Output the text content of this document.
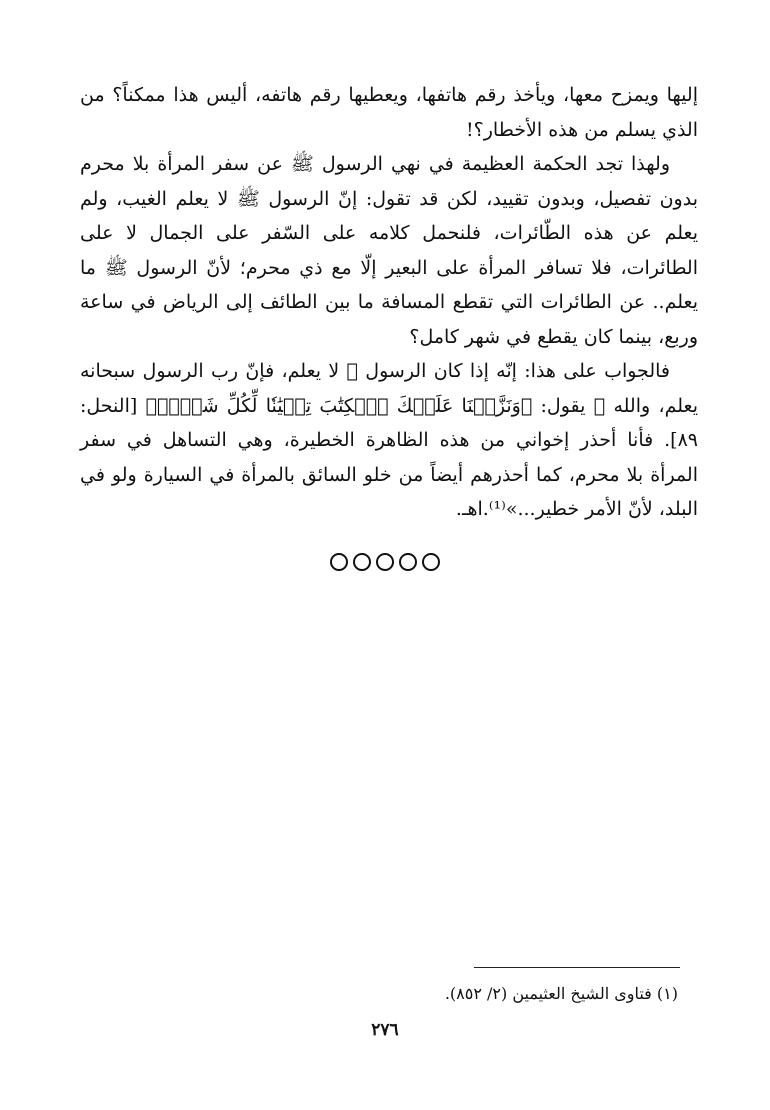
إليها ويمزح معها، ويأخذ رقم هاتفها، ويعطيها رقم هاتفه، أليس هذا ممكناً؟ من الذي يسلم من هذه الأخطار؟!

ولهذا تجد الحكمة العظيمة في نهي الرسول ﷺ عن سفر المرأة بلا محرم بدون تفصيل، وبدون تقييد، لكن قد تقول: إنّ الرسول ﷺ لا يعلم الغيب، ولم يعلم عن هذه الطّائرات، فلنحمل كلامه على السّفر على الجمال لا على الطائرات، فلا تسافر المرأة على البعير إلّا مع ذي محرم؛ لأنّ الرسول ﷺ ما يعلم.. عن الطائرات التي تقطع المسافة ما بين الطائف إلى الرياض في ساعة وربع، بينما كان يقطع في شهر كامل؟

فالجواب على هذا: إنّه إذا كان الرسول ﷺ لا يعلم، فإنّ رب الرسول سبحانه يعلم، والله ﷻ يقول: ﴿وَنَزَّلۡنَا عَلَيۡكَ ٱلۡكِتَٰبَ تِبۡيَٰنٗا لِّكُلِّ شَيۡءٖ﴾ [النحل: ٨٩]. فأنا أحذر إخواني من هذه الظاهرة الخطيرة، وهي التساهل في سفر المرأة بلا محرم، كما أحذرهم أيضاً من خلو السائق بالمرأة في السيارة ولو في البلد، لأنّ الأمر خطير...»⁽¹⁾.اهـ.

(١) فتاوى الشيخ العثيمين (٢/ ٨٥٢).
٢٧٦
